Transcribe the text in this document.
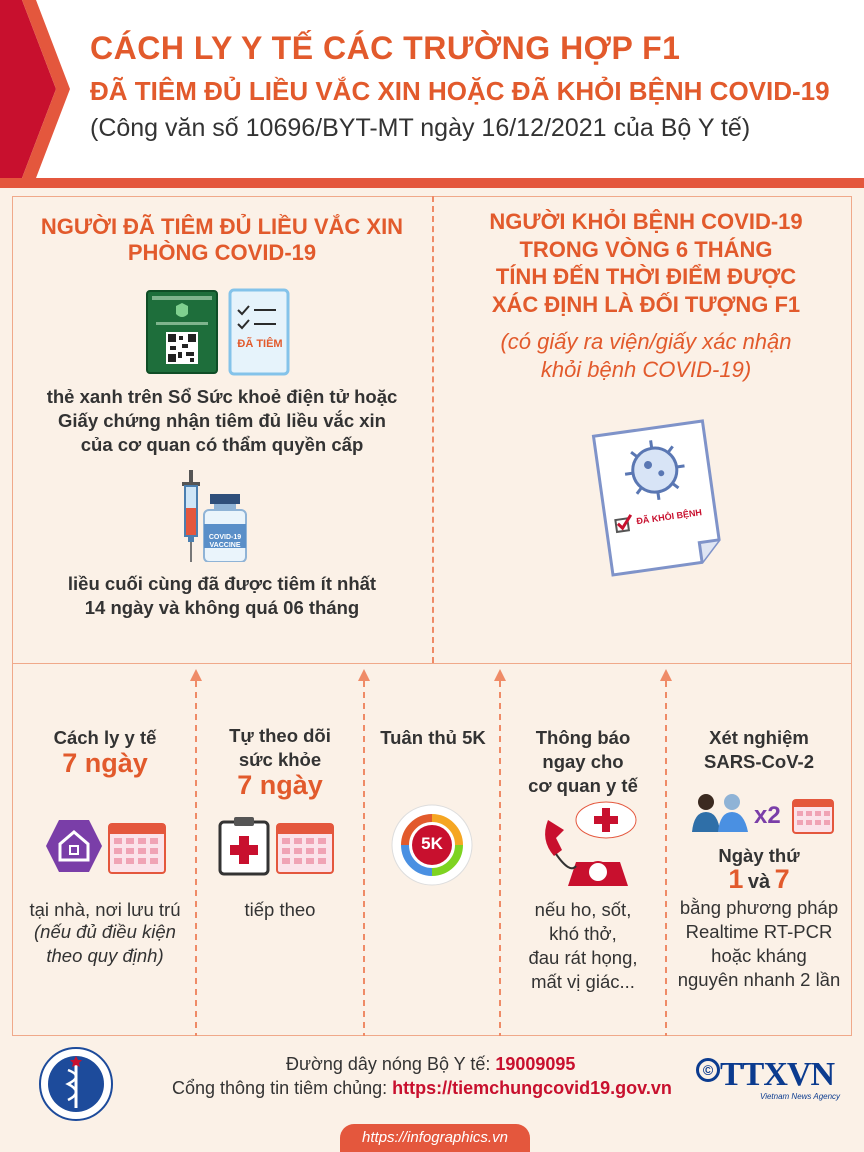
CÁCH LY Y TẾ CÁC TRƯỜNG HỢP F1
ĐÃ TIÊM ĐỦ LIỀU VẮC XIN HOẶC ĐÃ KHỎI BỆNH COVID-19
(Công văn số 10696/BYT-MT ngày 16/12/2021 của Bộ Y tế)
NGƯỜI ĐÃ TIÊM ĐỦ LIỀU VẮC XIN
PHÒNG COVID-19
ĐÃ TIÊM
thẻ xanh trên Sổ Sức khoẻ điện tử hoặc
Giấy chứng nhận tiêm đủ liều vắc xin
của cơ quan có thẩm quyền cấp
COVID-19
VACCINE
liều cuối cùng đã được tiêm ít nhất
14 ngày và không quá 06 tháng
NGƯỜI KHỎI BỆNH COVID-19
TRONG VÒNG 6 THÁNG
TÍNH ĐẾN THỜI ĐIỂM ĐƯỢC
XÁC ĐỊNH LÀ ĐỐI TƯỢNG F1
(có giấy ra viện/giấy xác nhận
khỏi bệnh COVID-19)
ĐÃ KHỎI BỆNH
Cách ly y tế
7 ngày
tại nhà, nơi lưu trú
(nếu đủ điều kiện
theo quy định)
Tự theo dõi
sức khỏe
7 ngày
tiếp theo
Tuân thủ 5K
5K
Thông báo
ngay cho
cơ quan y tế
nếu ho, sốt,
khó thở,
đau rát họng,
mất vị giác...
Xét nghiệm
SARS-CoV-2
x2
Ngày thứ
1 và 7
bằng phương pháp
Realtime RT-PCR
hoặc kháng
nguyên nhanh 2 lần
Đường dây nóng Bộ Y tế: 19009095
Cổng thông tin tiêm chủng: https://tiemchungcovid19.gov.vn
© TTXVN
Vietnam News Agency
https://infographics.vn
